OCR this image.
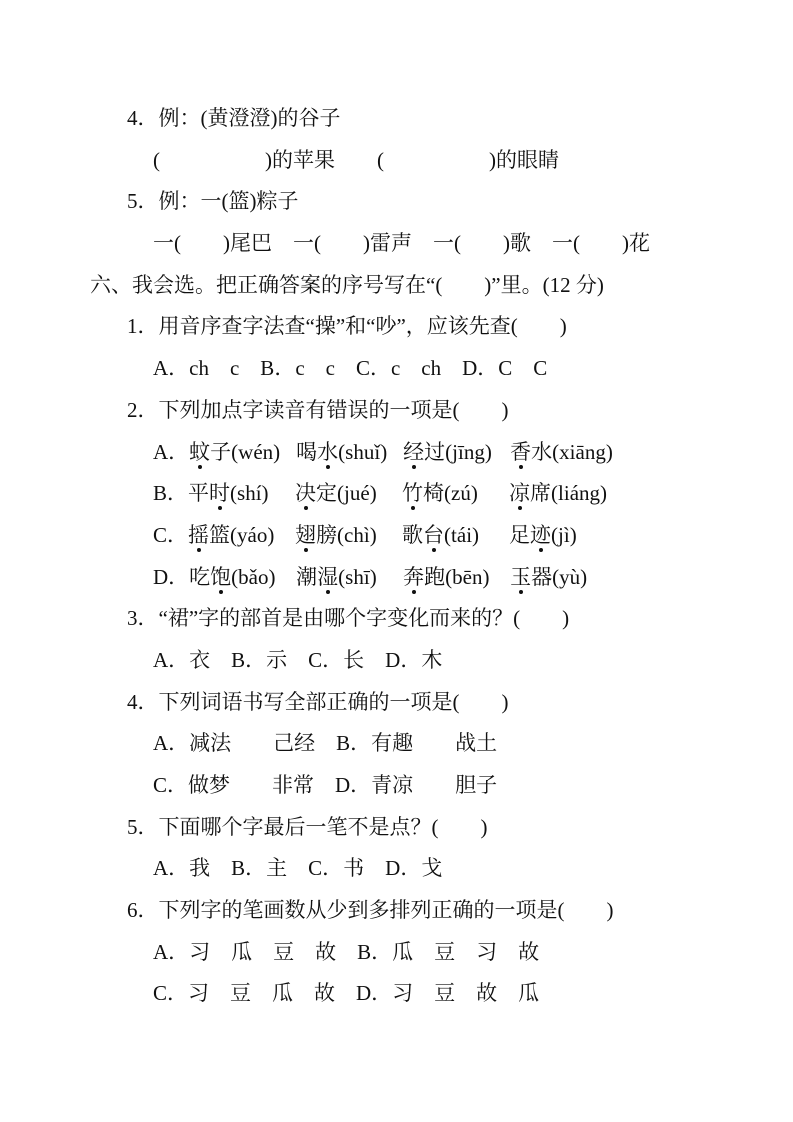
4．例：(黄澄澄)的谷子
(　　　　　)的苹果　　(　　　　　)的眼睛
5．例：一(篮)粽子
一(　　)尾巴　一(　　)雷声　一(　　)歌　一(　　)花
六、我会选。把正确答案的序号写在“(　　)”里。(12 分)
1．用音序查字法查“操”和“吵”，应该先查(　　)
A．ch　c　B．c　c　C．c　ch　D．C　C
2．下列加点字读音有错误的一项是(　　)
A． 蚊子(wén) 喝水(shuǐ) 经过(jīng) 香水(xiāng)
B． 平时(shí)	决定(jué)	竹椅(zú)	凉席(liáng)
C． 摇篮(yáo) 翅膀(chì)	歌台(tái)	足迹(jì)
D． 吃饱(bǎo) 潮湿(shī)	奔跑(bēn) 玉器(yù)
3．“裙”字的部首是由哪个字变化而来的？(　　)
A．衣　B．示　C．长　D．木
4．下列词语书写全部正确的一项是(　　)
A．减法　　己经　B．有趣　　战土
C．做梦　　非常　D．青凉　　胆子
5．下面哪个字最后一笔不是点？(　　)
A．我　B．主　C．书　D．戈
6．下列字的笔画数从少到多排列正确的一项是(　　)
A．习　瓜　豆　故　B．瓜　豆　习　故
C．习　豆　瓜　故　D．习　豆　故　瓜
